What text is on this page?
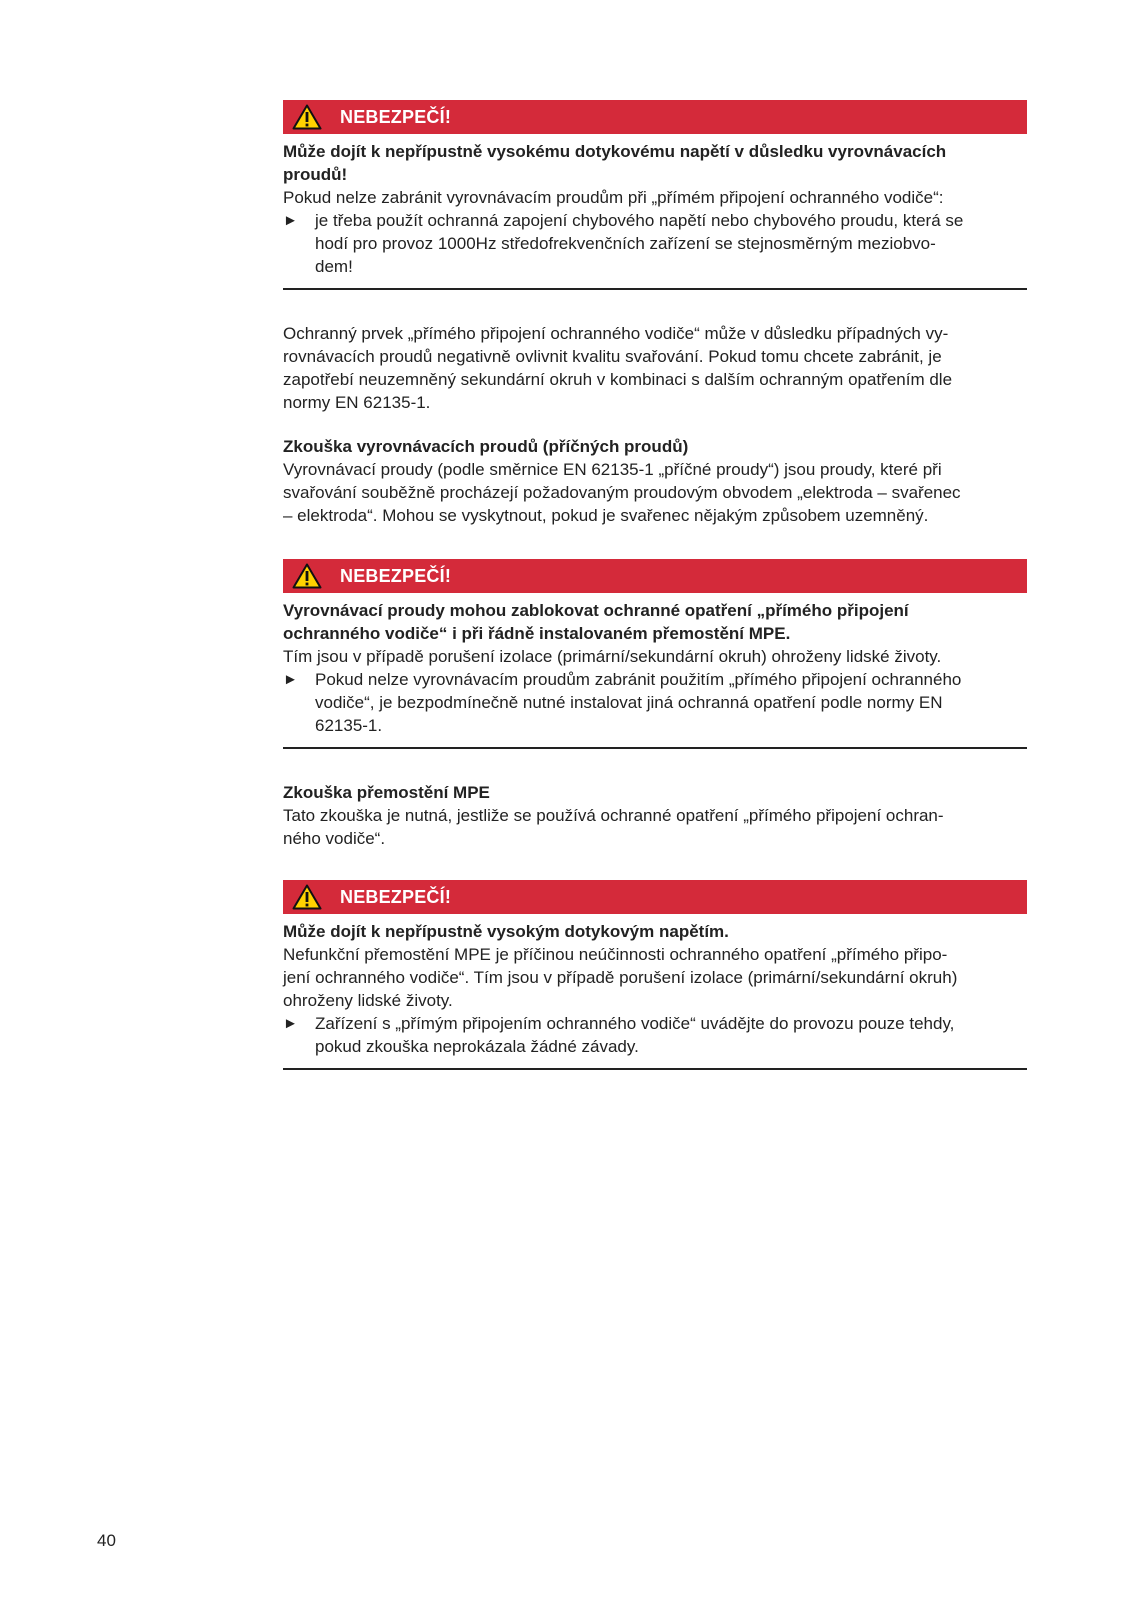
NEBEZPEČÍ!

Může dojít k nepřípustně vysokému dotykovému napětí v důsledku vyrovnávacích

proudů!

Pokud nelze zabránit vyrovnávacím proudům při „přímém připojení ochranného vodiče“:

►	je třeba použít ochranná zapojení chybového napětí nebo chybového proudu, která se
hodí pro provoz 1000Hz středofrekvenčních zařízení se stejnosměrným meziobvo-
dem!

Ochranný prvek „přímého připojení ochranného vodiče“ může v důsledku případných vy-

rovnávacích proudů negativně ovlivnit kvalitu svařování. Pokud tomu chcete zabránit, je

zapotřebí neuzemněný sekundární okruh v kombinaci s dalším ochranným opatřením dle

normy EN 62135-1.

Zkouška vyrovnávacích proudů (příčných proudů)

Vyrovnávací proudy (podle směrnice EN 62135-1 „příčné proudy“) jsou proudy, které při

svařování souběžně procházejí požadovaným proudovým obvodem „elektroda – svařenec

– elektroda“. Mohou se vyskytnout, pokud je svařenec nějakým způsobem uzemněný.

NEBEZPEČÍ!

Vyrovnávací proudy mohou zablokovat ochranné opatření „přímého připojení

ochranného vodiče“ i při řádně instalovaném přemostění MPE.

Tím jsou v případě porušení izolace (primární/sekundární okruh) ohroženy lidské životy.

►	Pokud nelze vyrovnávacím proudům zabránit použitím „přímého připojení ochranného
vodiče“, je bezpodmínečně nutné instalovat jiná ochranná opatření podle normy EN
62135-1.

Zkouška přemostění MPE

Tato zkouška je nutná, jestliže se používá ochranné opatření „přímého připojení ochran-

ného vodiče“.

NEBEZPEČÍ!

Může dojít k nepřípustně vysokým dotykovým napětím.

Nefunkční přemostění MPE je příčinou neúčinnosti ochranného opatření „přímého připo-

jení ochranného vodiče“. Tím jsou v případě porušení izolace (primární/sekundární okruh)

ohroženy lidské životy.

►	Zařízení s „přímým připojením ochranného vodiče“ uvádějte do provozu pouze tehdy,
pokud zkouška neprokázala žádné závady.
40
